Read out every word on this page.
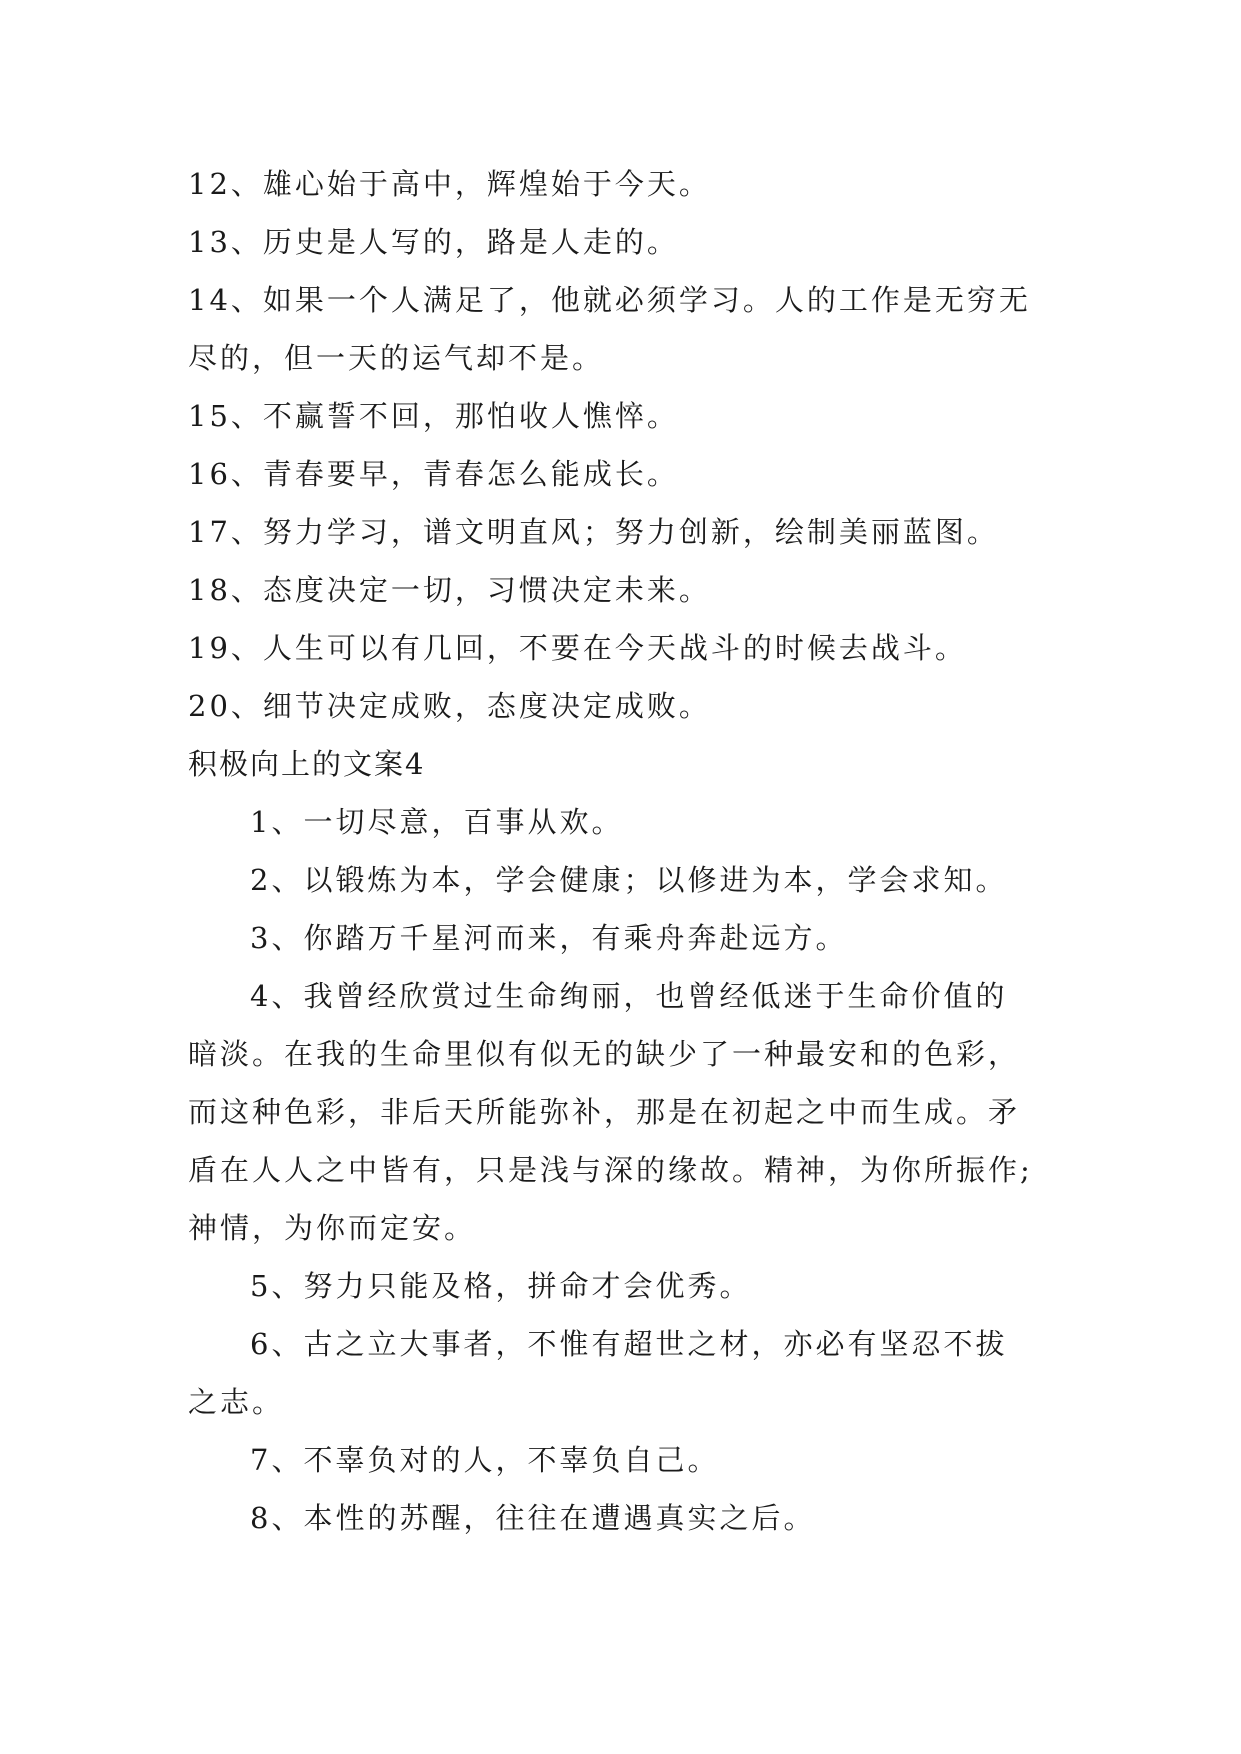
12、雄心始于高中，辉煌始于今天。
13、历史是人写的，路是人走的。
14、如果一个人满足了，他就必须学习。人的工作是无穷无
尽的，但一天的运气却不是。
15、不赢誓不回，那怕收人憔悴。
16、青春要早，青春怎么能成长。
17、努力学习，谱文明直风；努力创新，绘制美丽蓝图。
18、态度决定一切，习惯决定未来。
19、人生可以有几回，不要在今天战斗的时候去战斗。
20、细节决定成败，态度决定成败。
积极向上的文案4
1、一切尽意，百事从欢。
2、以锻炼为本，学会健康；以修进为本，学会求知。
3、你踏万千星河而来，有乘舟奔赴远方。
4、我曾经欣赏过生命绚丽，也曾经低迷于生命价值的
暗淡。在我的生命里似有似无的缺少了一种最安和的色彩，
而这种色彩，非后天所能弥补，那是在初起之中而生成。矛
盾在人人之中皆有，只是浅与深的缘故。精神，为你所振作;
神情，为你而定安。
5、努力只能及格，拼命才会优秀。
6、古之立大事者，不惟有超世之材，亦必有坚忍不拔
之志。
7、不辜负对的人，不辜负自己。
8、本性的苏醒，往往在遭遇真实之后。
